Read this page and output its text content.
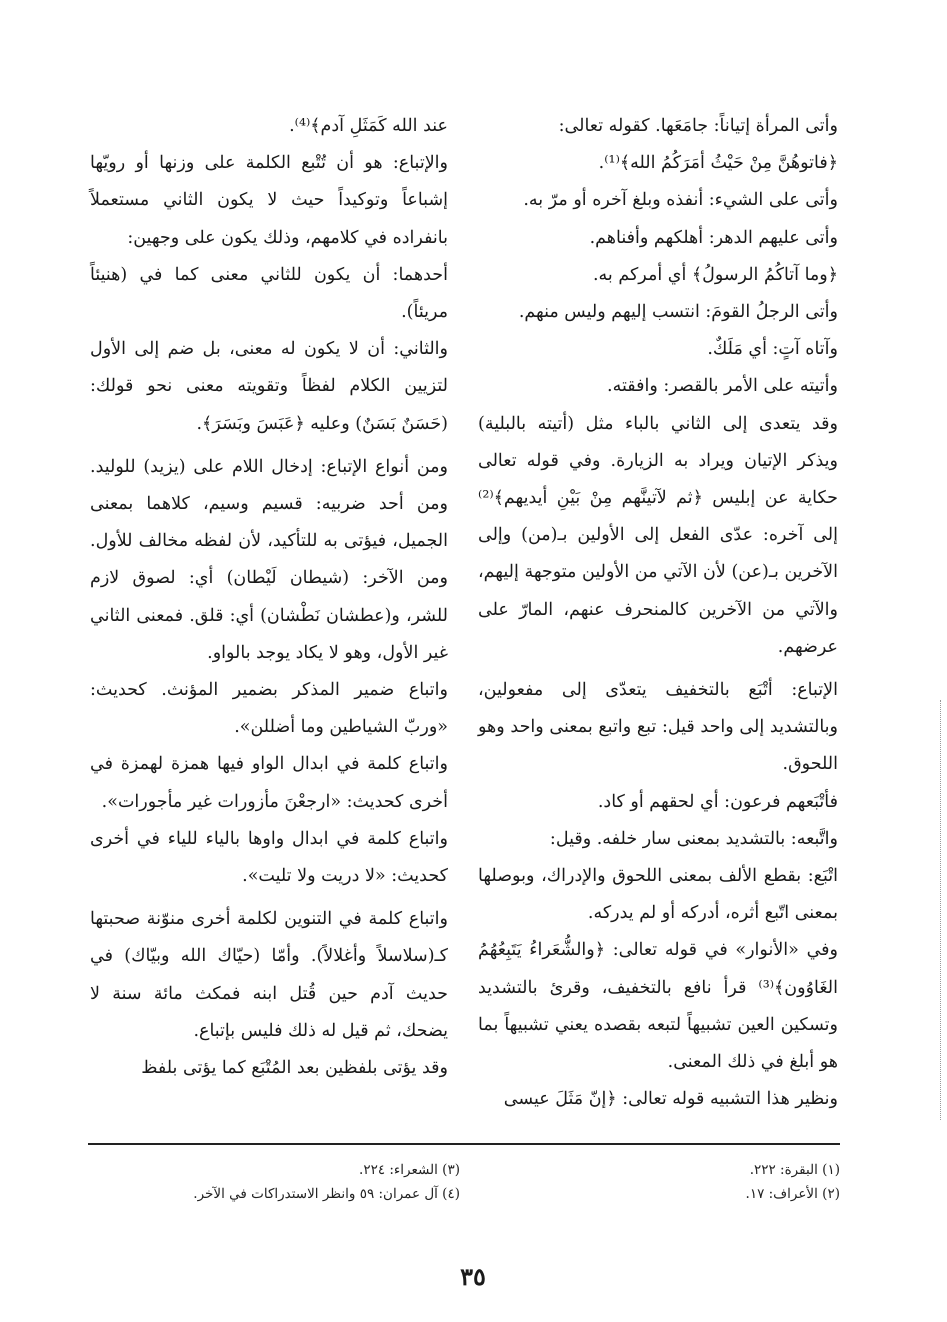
وأتى المرأة إتياناً: جامَعَها. كقوله تعالى:

﴿فاتوهُنَّ مِنْ حَيْثُ أمَرَكُمُ الله﴾⁽¹⁾.

وأتى على الشيء: أنفذه وبلغ آخره أو مرّ به.

وأتى عليهم الدهر: أهلكهم وأفناهم.

﴿وما آتاكُمُ الرسولُ﴾ أي أمركم به.

وأتى الرجلُ القومَ: انتسب إليهم وليس منهم.

وآتاه آتٍ: أي مَلَكٌ.

وأتيته على الأمر بالقصر: وافقته.

وقد يتعدى إلى الثاني بالباء مثل (أتيته بالبلية) ويذكر الإتيان ويراد به الزيارة. وفي قوله تعالى حكاية عن إبليس ﴿ثم لآتينَّهم مِنْ بَيْنِ أيديهم﴾⁽²⁾ إلى آخره: عدّى الفعل إلى الأولين بـ(من) وإلى الآخرين بـ(عن) لأن الآتي من الأولين متوجهة إليهم، والآتي من الآخرين كالمنحرف عنهم، المارّ على عرضهم.

الإتباع: أتْبَع بالتخفيف يتعدّى إلى مفعولين، وبالتشديد إلى واحد قيل: تبع واتبع بمعنى واحد وهو اللحوق.

فأتْبَعهم فرعون: أي لحقهم أو كاد.

واتَّبعه: بالتشديد بمعنى سار خلفه. وقيل:

اتْبَع: بقطع الألف بمعنى اللحوق والإدراك، وبوصلها بمعنى اتّبع أثره، أدركه أو لم يدركه.

وفي «الأنوار» في قوله تعالى: ﴿والشُّعَراءُ يَتَبِعُهُمُ الغَاوُون﴾⁽³⁾ قرأ نافع بالتخفيف، وقرئ بالتشديد وتسكين العين تشبيهاً لتبعه بقصده يعني تشبيهاً بما هو أبلغ في ذلك المعنى.

ونظير هذا التشبيه قوله تعالى: ﴿إنّ مَثَلَ عيسى

عند الله كَمَثَلِ آدم﴾⁽⁴⁾.

والإتباع: هو أن تُتْبع الكلمة على وزنها أو رويّها إشباعاً وتوكيداً حيث لا يكون الثاني مستعملاً بانفراده في كلامهم، وذلك يكون على وجهين:

أحدهما: أن يكون للثاني معنى كما في (هنيئاً مريئاً).

والثاني: أن لا يكون له معنى، بل ضم إلى الأول لتزيين الكلام لفظاً وتقويته معنى نحو قولك: (حَسَنٌ بَسَنٌ) وعليه ﴿عَبَسَ وبَسَرَ﴾.

ومن أنواع الإتباع: إدخال اللام على (يزيد) للوليد. ومن أحد ضربيه: قسيم وسيم، كلاهما بمعنى الجميل، فيؤتى به للتأكيد، لأن لفظه مخالف للأول. ومن الآخر: (شيطان لَيْطان) أي: لصوق لازم للشر، و(عطشان نَطْشان) أي: قلق. فمعنى الثاني غير الأول، وهو لا يكاد يوجد بالواو.

واتباع ضمير المذكر بضمير المؤنث. كحديث: «وربّ الشياطين وما أضللن».

واتباع كلمة في ابدال الواو فيها همزة لهمزة في أخرى كحديث: «ارجعْنَ مأزورات غير مأجورات».

واتباع كلمة في ابدال واوها بالياء للياء في أخرى كحديث: «لا دريت ولا تليت».

واتباع كلمة في التنوين لكلمة أخرى منوّنة صحبتها كـ(سلاسلاً وأغلالاً). وأمّا (حيّاك الله وبيّاك) في حديث آدم حين قُتل ابنه فمكث مائة سنة لا يضحك، ثم قيل له ذلك فليس بإتباع.

وقد يؤتى بلفظين بعد المُتْبَع كما يؤتى بلفظ

(١) البقرة: ٢٢٢.

(٢) الأعراف: ١٧.

(٣) الشعراء: ٢٢٤.

(٤) آل عمران: ٥٩ وانظر الاستدراكات في الآخر.

٣٥
